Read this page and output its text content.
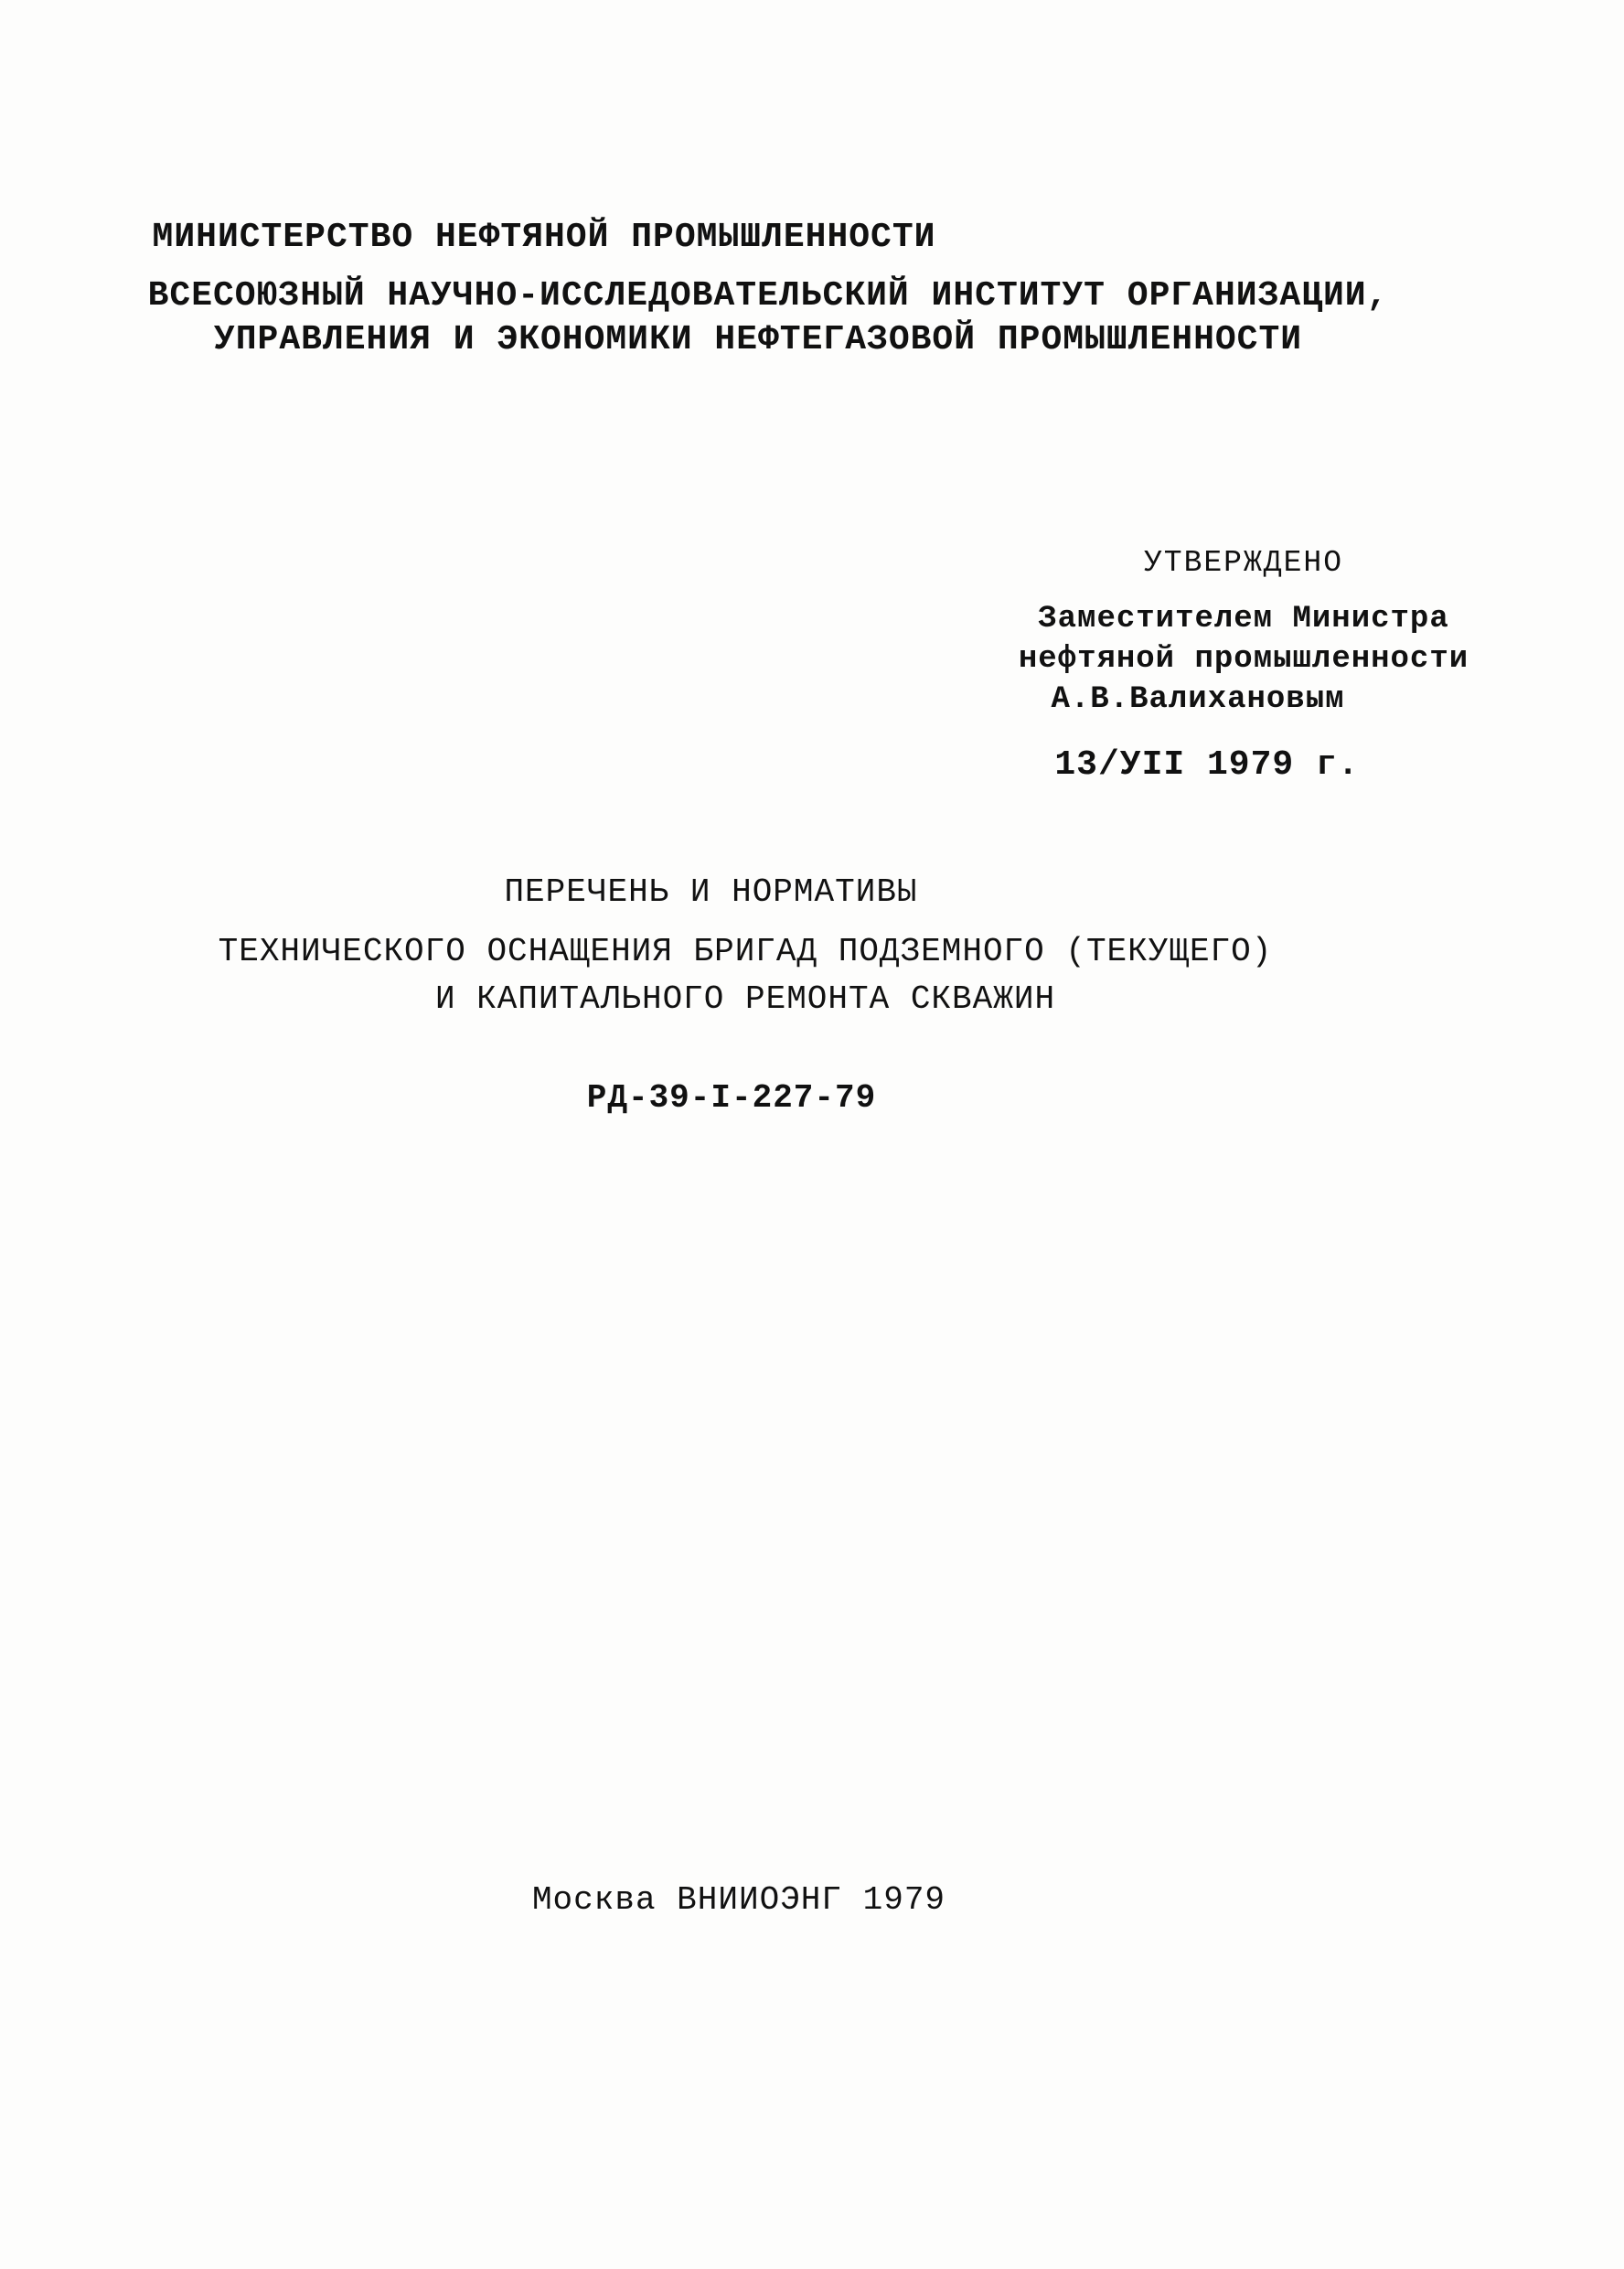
МИНИСТЕРСТВО НЕФТЯНОЙ ПРОМЫШЛЕННОСТИ
ВСЕСОЮЗНЫЙ НАУЧНО-ИССЛЕДОВАТЕЛЬСКИЙ ИНСТИТУТ ОРГАНИЗАЦИИ,
УПРАВЛЕНИЯ И ЭКОНОМИКИ НЕФТЕГАЗОВОЙ ПРОМЫШЛЕННОСТИ
УТВЕРЖДЕНО
Заместителем Министра
нефтяной промышленности
А.В.Валихановым
13/УII 1979 г.
ПЕРЕЧЕНЬ И НОРМАТИВЫ
ТЕХНИЧЕСКОГО ОСНАЩЕНИЯ БРИГАД ПОДЗЕМНОГО (ТЕКУЩЕГО)
И КАПИТАЛЬНОГО РЕМОНТА СКВАЖИН
РД-39-I-227-79
Москва ВНИИОЭНГ 1979
